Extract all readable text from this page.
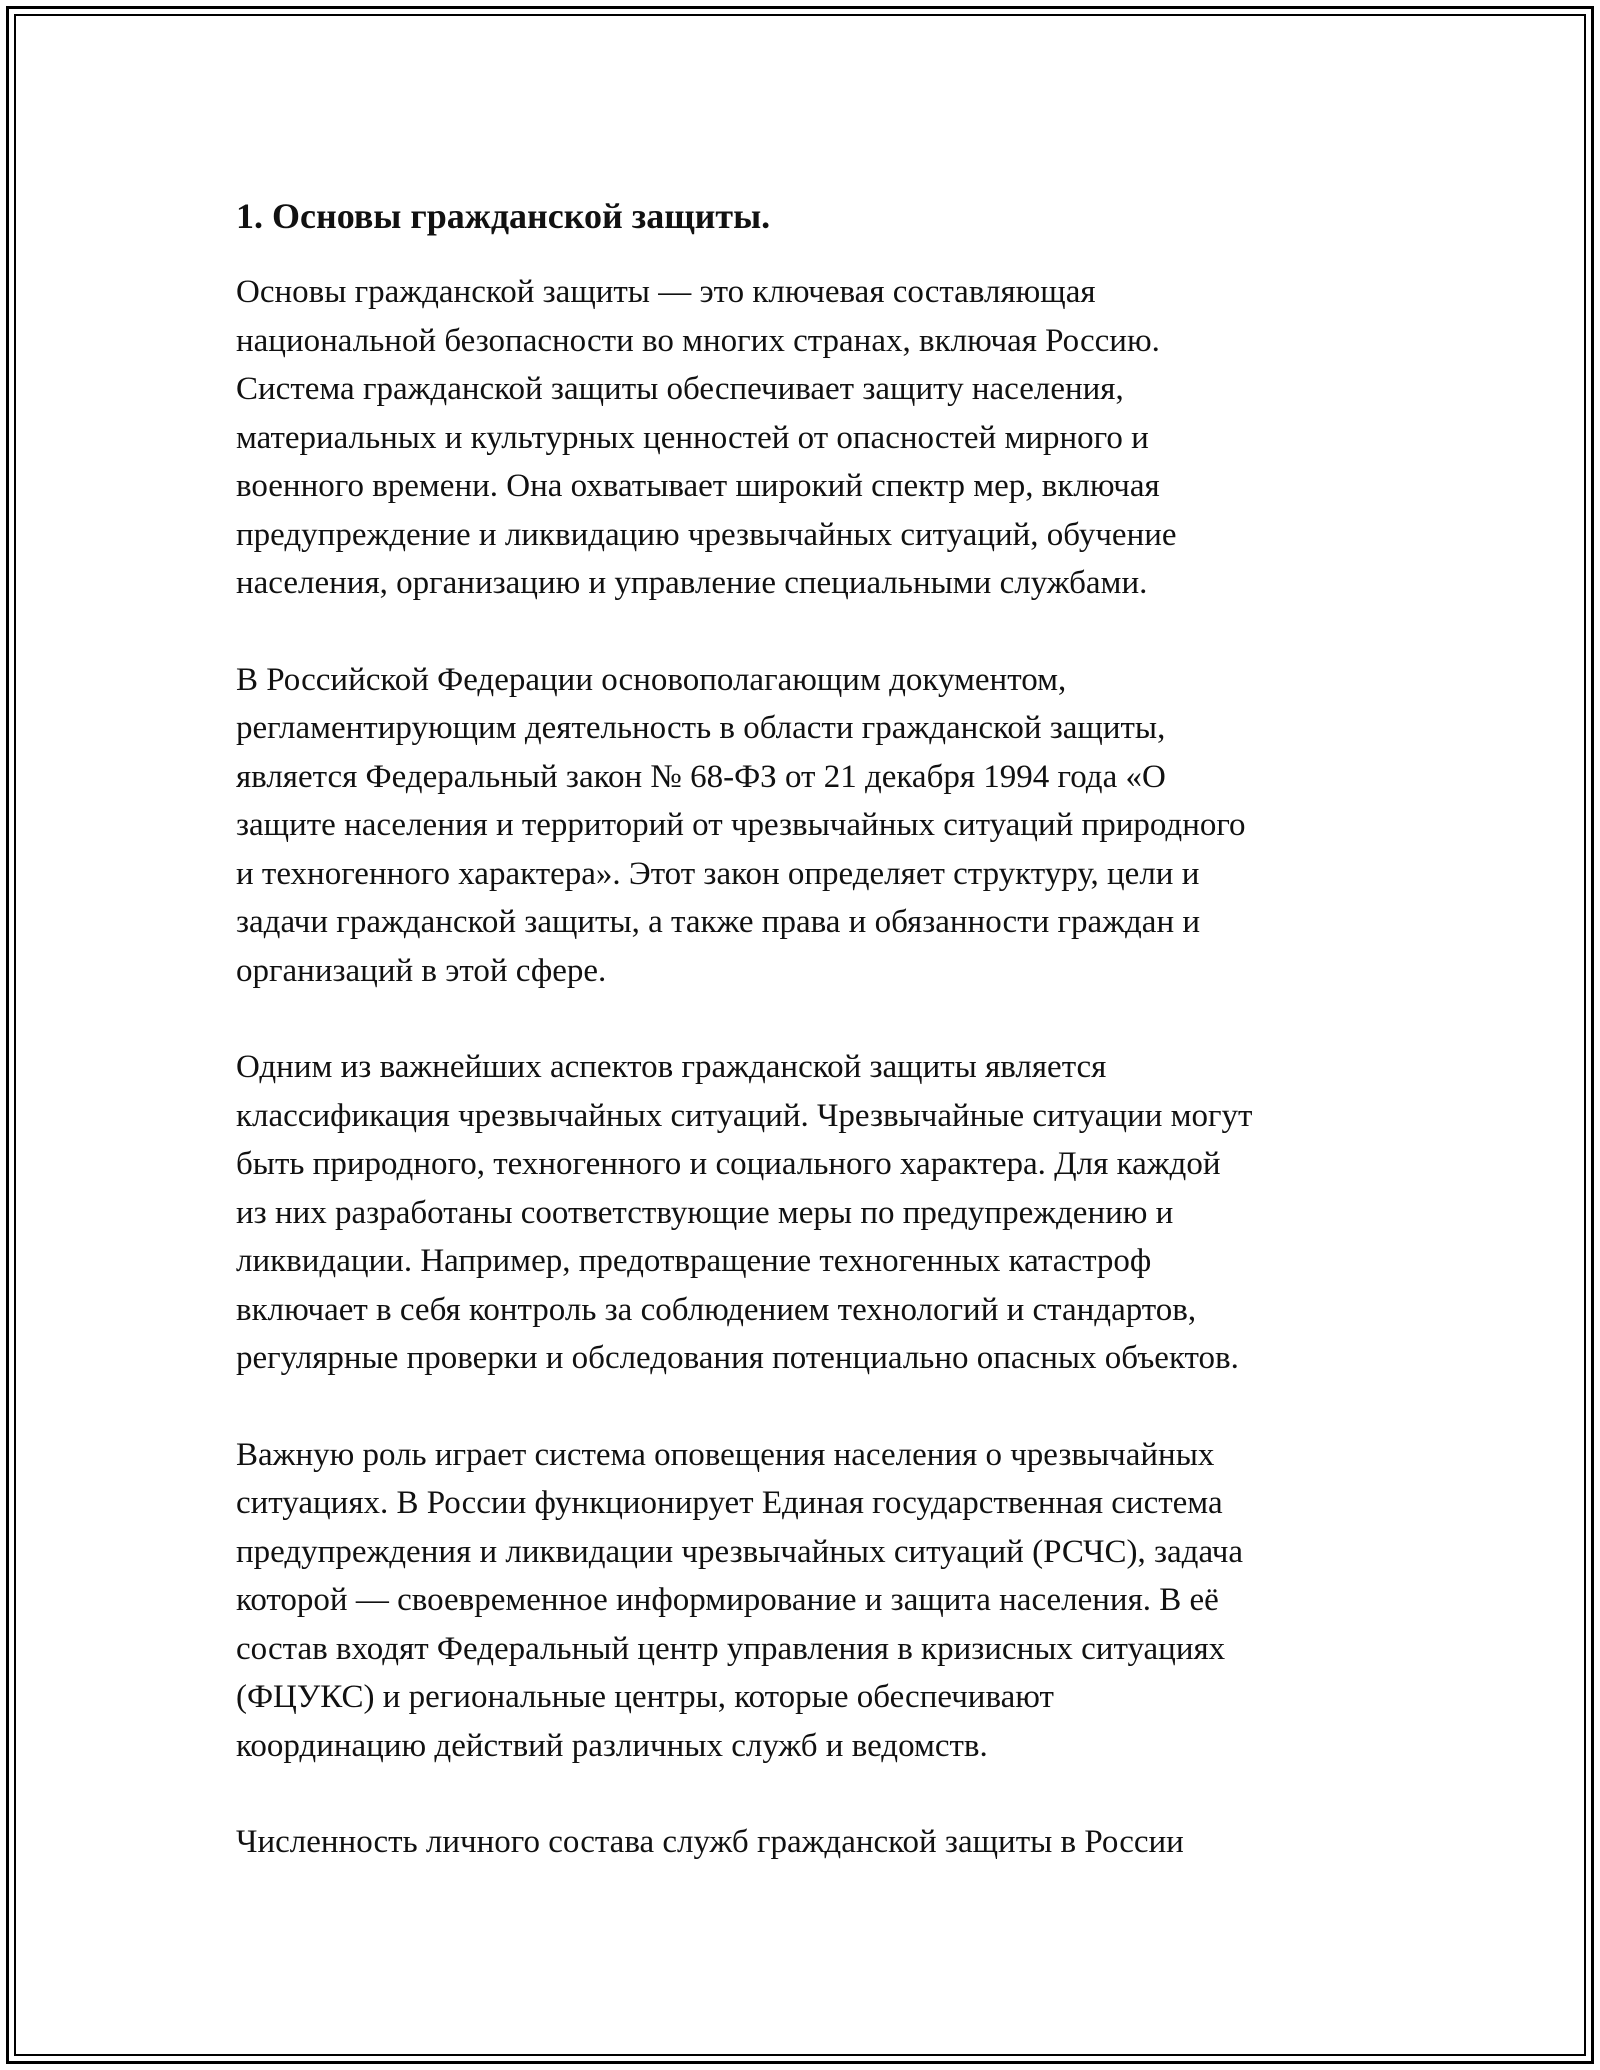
1. Основы гражданской защиты.

Основы гражданской защиты — это ключевая составляющая
национальной безопасности во многих странах, включая Россию.
Система гражданской защиты обеспечивает защиту населения,
материальных и культурных ценностей от опасностей мирного и
военного времени. Она охватывает широкий спектр мер, включая
предупреждение и ликвидацию чрезвычайных ситуаций, обучение
населения, организацию и управление специальными службами.

В Российской Федерации основополагающим документом,
регламентирующим деятельность в области гражданской защиты,
является Федеральный закон № 68-ФЗ от 21 декабря 1994 года «О
защите населения и территорий от чрезвычайных ситуаций природного
и техногенного характера». Этот закон определяет структуру, цели и
задачи гражданской защиты, а также права и обязанности граждан и
организаций в этой сфере.

Одним из важнейших аспектов гражданской защиты является
классификация чрезвычайных ситуаций. Чрезвычайные ситуации могут
быть природного, техногенного и социального характера. Для каждой
из них разработаны соответствующие меры по предупреждению и
ликвидации. Например, предотвращение техногенных катастроф
включает в себя контроль за соблюдением технологий и стандартов,
регулярные проверки и обследования потенциально опасных объектов.

Важную роль играет система оповещения населения о чрезвычайных
ситуациях. В России функционирует Единая государственная система
предупреждения и ликвидации чрезвычайных ситуаций (РСЧС), задача
которой — своевременное информирование и защита населения. В её
состав входят Федеральный центр управления в кризисных ситуациях
(ФЦУКС) и региональные центры, которые обеспечивают
координацию действий различных служб и ведомств.

Численность личного состава служб гражданской защиты в России
